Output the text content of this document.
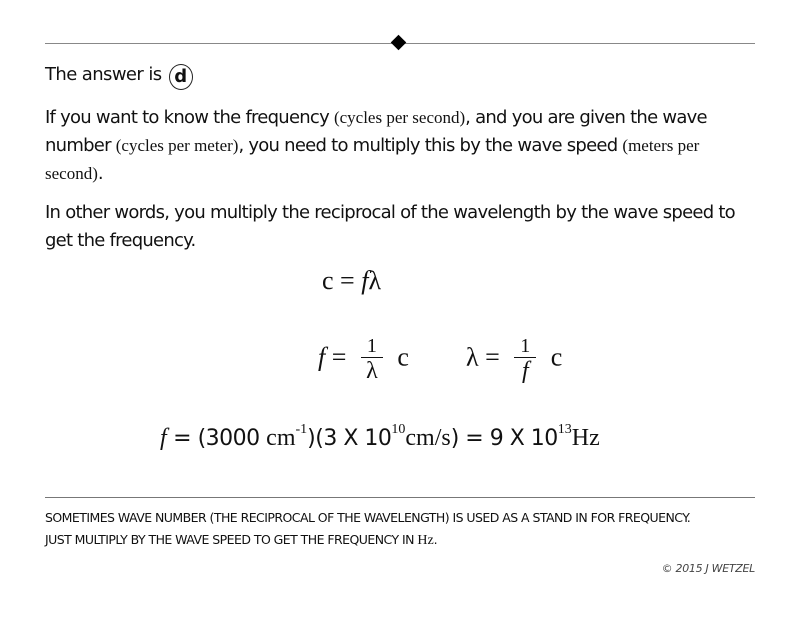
The answer is d
If you want to know the frequency (cycles per second), and you are given the wave number (cycles per meter), you need to multiply this by the wave speed (meters per second).
In other words, you multiply the reciprocal of the wavelength by the wave speed to get the frequency.
c = fλ
$f = \frac{1}{\lambda}$ c $\lambda = \frac{1}{f}$ c
f = (3000 $cm^{-1})(3$ X $10^{10}cm/s) = 9$ X $10^{13}Hz$
SOMETIMES WAVE NUMBER (THE RECIPROCAL OF THE WAVELENGTH) IS USED AS A STAND IN FOR FREQUENCY.
JUST MULTIPLY BY THE WAVE SPEED TO GET THE FREQUENCY IN Hz.
© 2015 J WETZEL
